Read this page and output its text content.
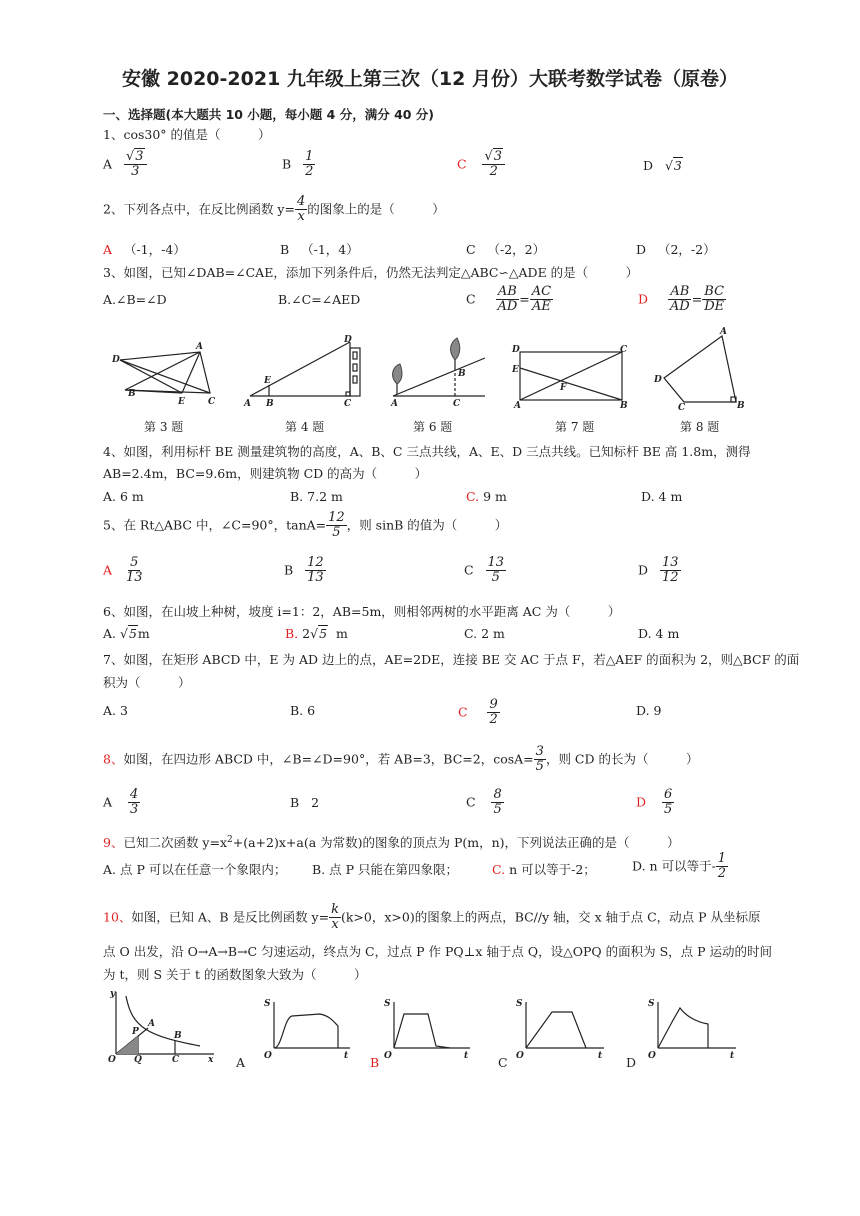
安徽 2020-2021 九年级上第三次（12 月份）大联考数学试卷（原卷）
一、选择题(本大题共 10 小题，每小题 4 分，满分 40 分)
1、cos30° 的值是（　　　）
A $\frac{√3}{3}$	B $\frac{1}{2}$	C $\frac{√3}{2}$	D √3
2、下列各点中，在反比例函数 $y= \frac{4}{x}$ 的图象上的是（　　　）
A （-1，-4）	B （-1，4）	C （-2，2）	D （2，-2）
3、如图，已知∠DAB=∠CAE，添加下列条件后，仍然无法判定△ABC∽△ADE 的是（　　　）
A.∠B=∠D	B.∠C=∠AED	C $\frac{AB}{AD} = \frac{AC}{AE}$	D $\frac{AB}{AD} = \frac{BC}{DE}$
D
A
B
E	C
D
E
A B	C
B
A	C
D	C
E
F
A	B
A
D
C	B
第 3 题	第 4 题	第 6 题	第 7 题	第 8 题
4、如图，利用标杆 BE 测量建筑物的高度，A、B、C 三点共线，A、E、D 三点共线。已知标杆 BE 高 1.8m，测得
AB=2.4m，BC=9.6m，则建筑物 CD 的高为（　　　）
A. 6 m	B. 7.2 m	C. 9 m	D. 4 m
5、在 Rt△ABC 中，∠C=90°，$\tan A= \frac{12}{5}$ ，则 sinB 的值为（　　　）
A $\frac{5}{13}$	B $\frac{12}{13}$	C $\frac{13}{5}$	D $\frac{13}{12}$
6、如图，在山坡上种树，坡度 i=1：2，AB=5m，则相邻两树的水平距离 AC 为（　　　）
A. √5m	B. 2√5 m	C. 2 m	D. 4 m
7、如图，在矩形 ABCD 中，E 为 AD 边上的点，AE=2DE，连接 BE 交 AC 于点 F，若△AEF 的面积为 2，则△BCF 的面
积为（　　　）
A. 3	B. 6	C $\frac{9}{2}$	D. 9
8、如图，在四边形 ABCD 中，∠B=∠D=90°，若 AB=3，BC=2，$\cos A= \frac{3}{5}$ ，则 CD 的长为（　　　）
A $\frac{4}{3}$	B 2	C $\frac{8}{5}$	D $\frac{6}{5}$
9、已知二次函数 $y=x^2+(a+2)x+a(a$ 为常数)的图象的顶点为 P(m，n)，下列说法正确的是（　　　）
A. 点 P 可以在任意一个象限内； B. 点 P 只能在第四象限；	C. n 可以等于-2；	D. n 可以等于- $\frac{1}{2}$
10、如图，已知 A、B 是反比例函数 $y= \frac{k}{x} (k>0$，x>0)的图象上的两点，BC//y 轴，交 x 轴于点 C，动点 P 从坐标原
点 O 出发，沿 O→A→B→C 匀速运动，终点为 C，过点 P 作 PQ⊥x 轴于点 Q，设△OPQ 的面积为 S，点 P 运动的时间
为 t，则 S 关于 t 的函数图象大致为（　　　）
y
P
A
B
O Q	C	x A
S
O	t B
S
O	t C
S
O	t D
S
O	t
